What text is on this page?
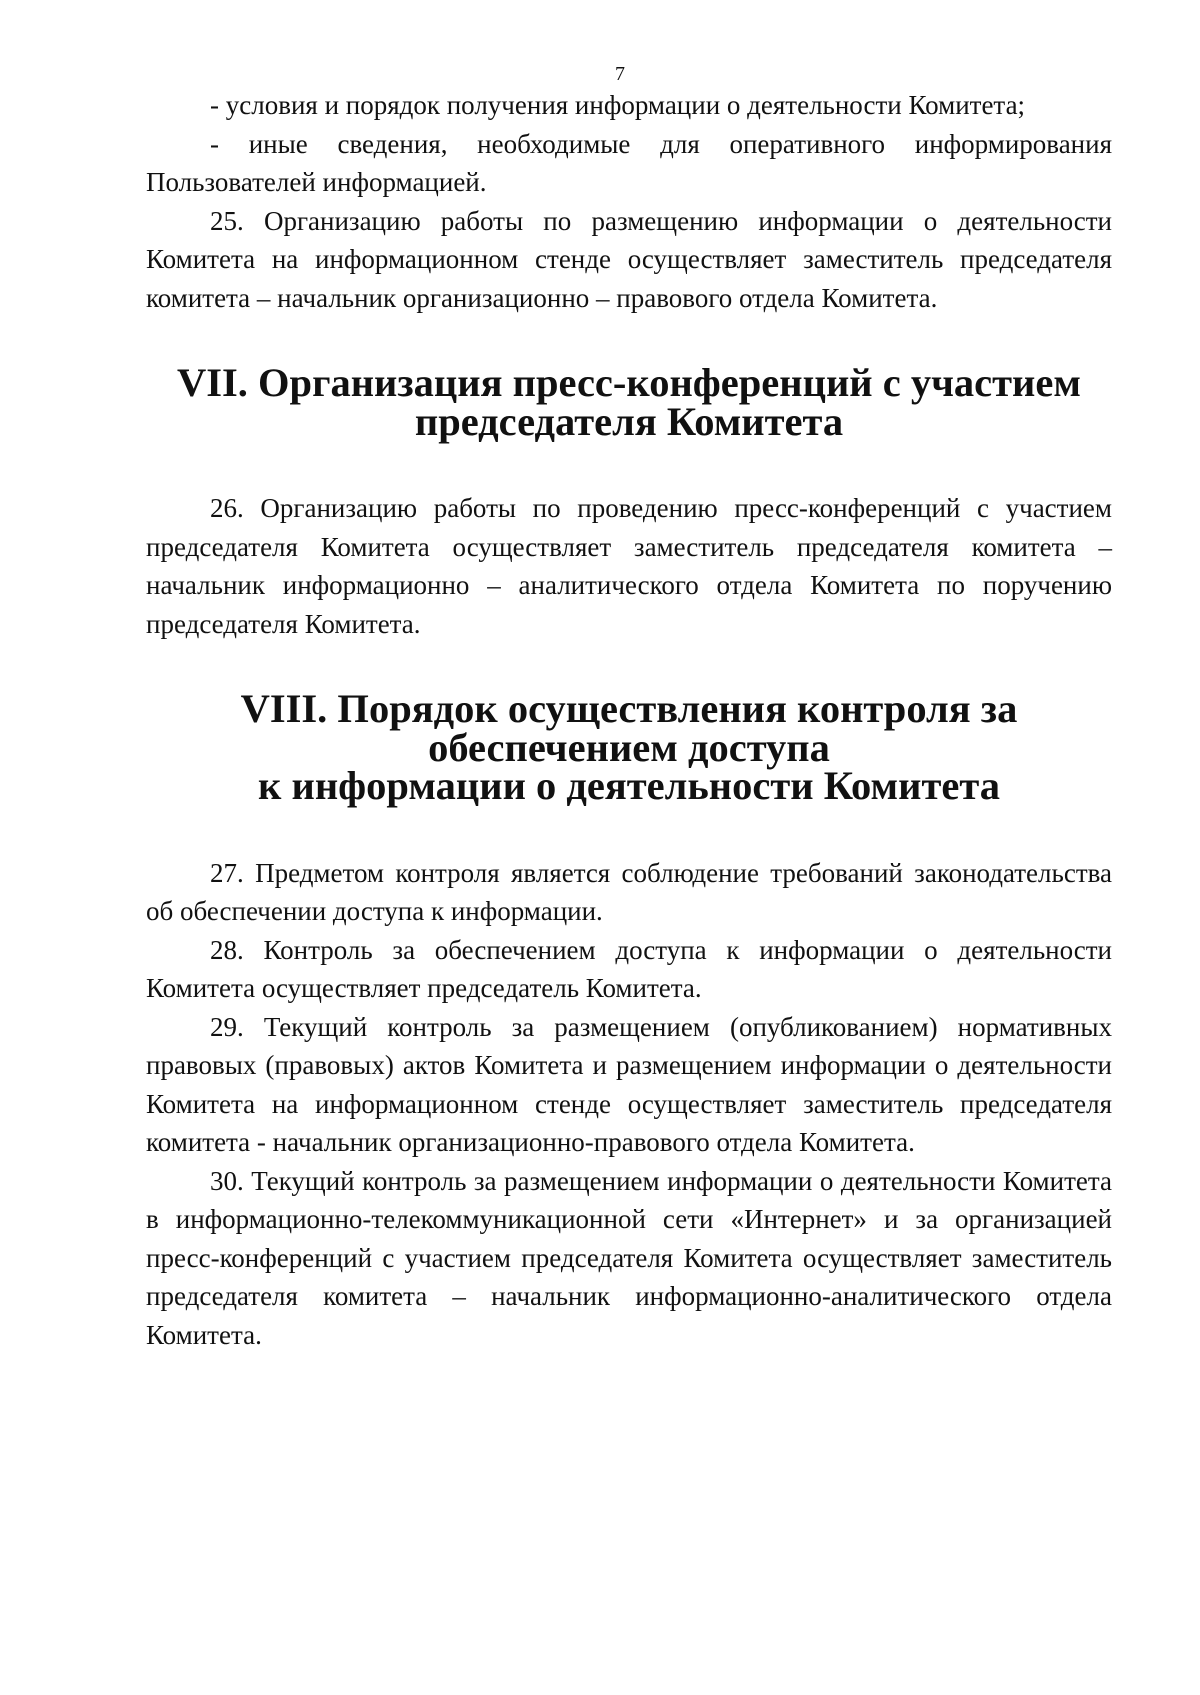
7

- условия и порядок получения информации о деятельности Комитета;

- иные сведения, необходимые для оперативного информирования Пользователей информацией.

25. Организацию работы по размещению информации о деятельности Комитета на информационном стенде осуществляет заместитель председателя комитета – начальник организационно – правового отдела Комитета.

VII. Организация пресс-конференций с участием
председателя Комитета

26. Организацию работы по проведению пресс-конференций с участием председателя Комитета осуществляет заместитель председателя комитета – начальник информационно – аналитического отдела Комитета по поручению председателя Комитета.

VIII. Порядок осуществления контроля за обеспечением доступа
к информации о деятельности Комитета

27. Предметом контроля является соблюдение требований законодательства об обеспечении доступа к информации.

28. Контроль за обеспечением доступа к информации о деятельности Комитета осуществляет председатель Комитета.

29. Текущий контроль за размещением (опубликованием) нормативных правовых (правовых) актов Комитета и размещением информации о деятельности Комитета на информационном стенде осуществляет заместитель председателя комитета - начальник организационно-правового отдела Комитета.

30. Текущий контроль за размещением информации о деятельности Комитета в информационно-телекоммуникационной сети «Интернет» и за организацией пресс-конференций с участием председателя Комитета осуществляет заместитель председателя комитета – начальник информационно-аналитического отдела Комитета.
